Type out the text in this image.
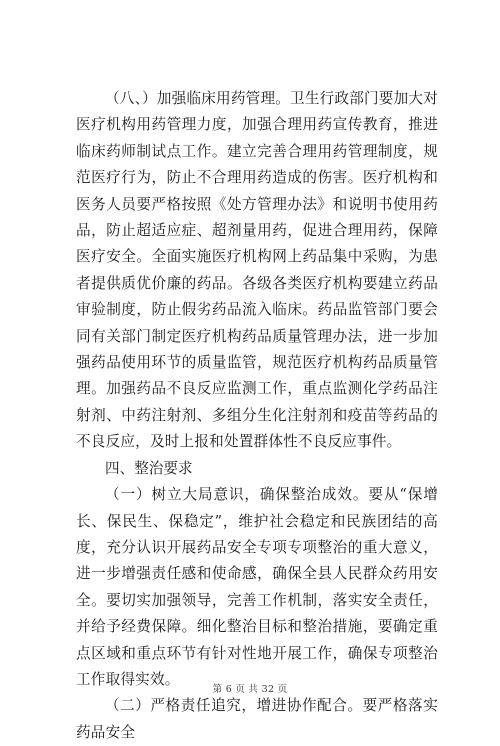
（八、）加强临床用药管理。卫生行政部门要加大对医疗机构用药管理力度，加强合理用药宣传教育，推进临床药师制试点工作。建立完善合理用药管理制度，规范医疗行为，防止不合理用药造成的伤害。医疗机构和医务人员要严格按照《处方管理办法》和说明书使用药品，防止超适应症、超剂量用药，促进合理用药，保障医疗安全。全面实施医疗机构网上药品集中采购，为患者提供质优价廉的药品。各级各类医疗机构要建立药品审验制度，防止假劣药品流入临床。药品监管部门要会同有关部门制定医疗机构药品质量管理办法，进一步加强药品使用环节的质量监管，规范医疗机构药品质量管理。加强药品不良反应监测工作，重点监测化学药品注射剂、中药注射剂、多组分生化注射剂和疫苗等药品的不良反应，及时上报和处置群体性不良反应事件。

四、整治要求

（一）树立大局意识，确保整治成效。要从“保增长、保民生、保稳定”，维护社会稳定和民族团结的高度，充分认识开展药品安全专项专项整治的重大意义，进一步增强责任感和使命感，确保全县人民群众药用安全。要切实加强领导，完善工作机制，落实安全责任，并给予经费保障。细化整治目标和整治措施，要确定重点区域和重点环节有针对性地开展工作，确保专项整治工作取得实效。

（二）严格责任追究，增进协作配合。要严格落实药品安全

第 6 页 共 32 页
